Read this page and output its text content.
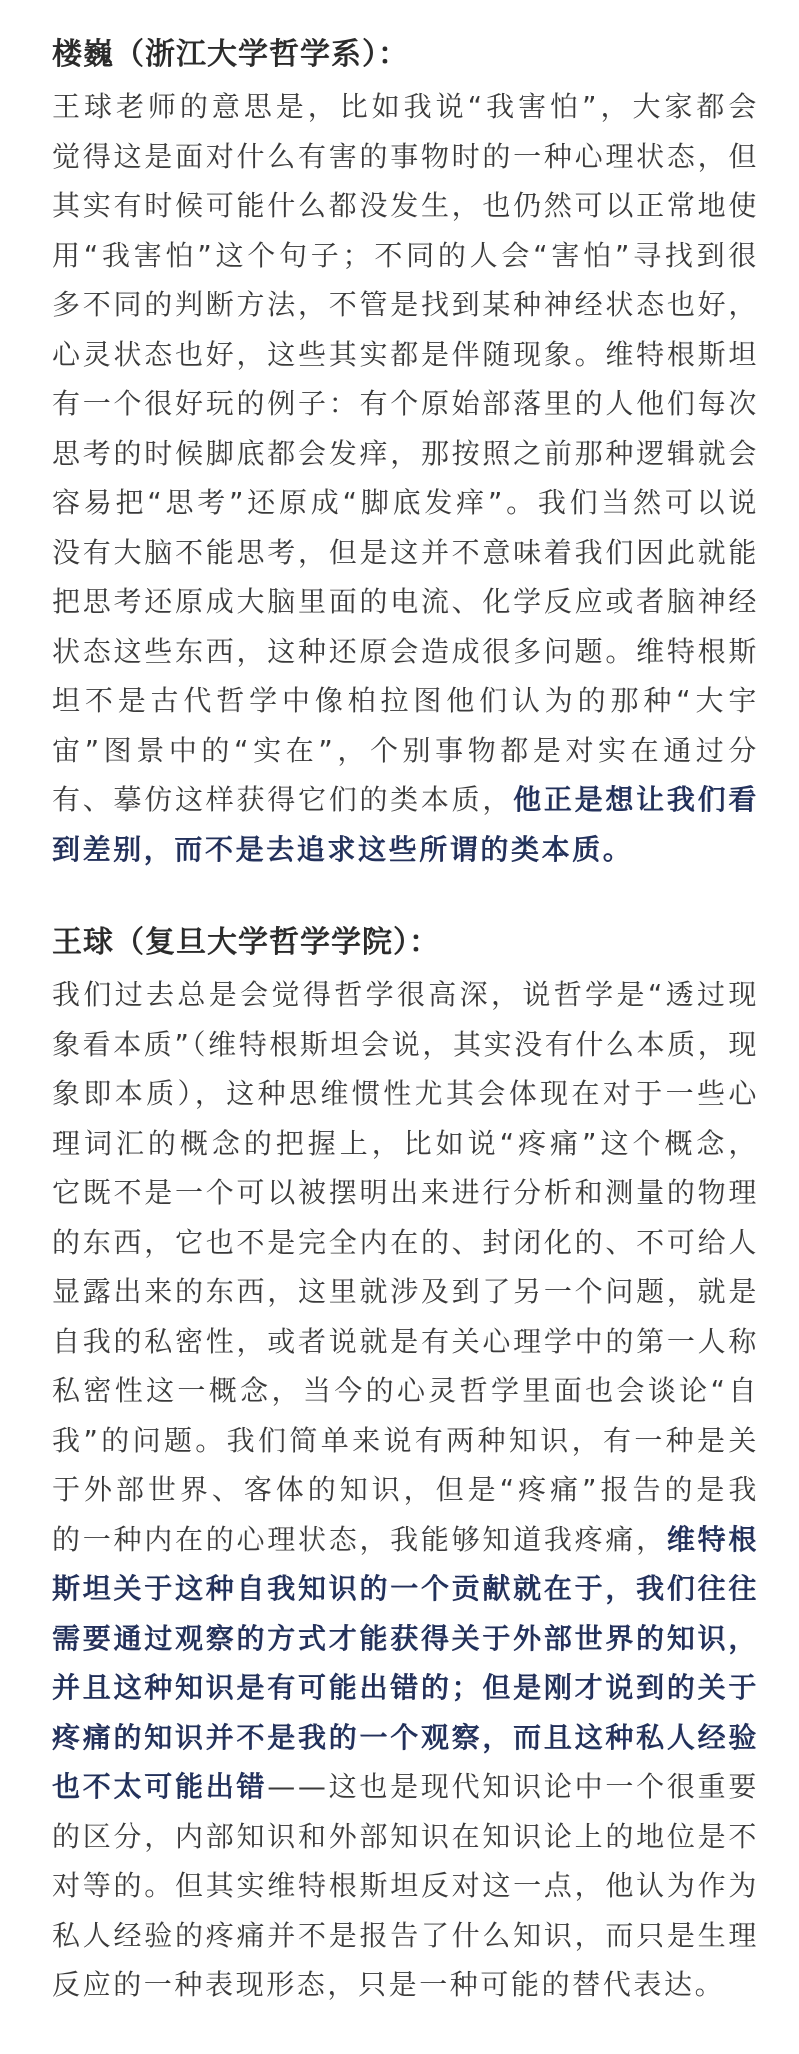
楼巍（浙江大学哲学系）：

王球老师的意思是，比如我说“我害怕”，大家都会觉得这是面对什么有害的事物时的一种心理状态，但其实有时候可能什么都没发生，也仍然可以正常地使用“我害怕”这个句子；不同的人会“害怕”寻找到很多不同的判断方法，不管是找到某种神经状态也好，心灵状态也好，这些其实都是伴随现象。维特根斯坦有一个很好玩的例子：有个原始部落里的人他们每次思考的时候脚底都会发痒，那按照之前那种逻辑就会容易把“思考”还原成“脚底发痒”。我们当然可以说没有大脑不能思考，但是这并不意味着我们因此就能把思考还原成大脑里面的电流、化学反应或者脑神经状态这些东西，这种还原会造成很多问题。维特根斯坦不是古代哲学中像柏拉图他们认为的那种“大宇宙”图景中的“实在”，个别事物都是对实在通过分有、摹仿这样获得它们的类本质，他正是想让我们看到差别，而不是去追求这些所谓的类本质。

王球（复旦大学哲学学院）：

我们过去总是会觉得哲学很高深，说哲学是“透过现象看本质”（维特根斯坦会说，其实没有什么本质，现象即本质），这种思维惯性尤其会体现在对于一些心理词汇的概念的把握上，比如说“疼痛”这个概念，它既不是一个可以被摆明出来进行分析和测量的物理的东西，它也不是完全内在的、封闭化的、不可给人显露出来的东西，这里就涉及到了另一个问题，就是自我的私密性，或者说就是有关心理学中的第一人称私密性这一概念，当今的心灵哲学里面也会谈论“自我”的问题。我们简单来说有两种知识，有一种是关于外部世界、客体的知识，但是“疼痛”报告的是我的一种内在的心理状态，我能够知道我疼痛，维特根斯坦关于这种自我知识的一个贡献就在于，我们往往需要通过观察的方式才能获得关于外部世界的知识，并且这种知识是有可能出错的；但是刚才说到的关于疼痛的知识并不是我的一个观察，而且这种私人经验也不太可能出错——这也是现代知识论中一个很重要的区分，内部知识和外部知识在知识论上的地位是不对等的。但其实维特根斯坦反对这一点，他认为作为私人经验的疼痛并不是报告了什么知识，而只是生理反应的一种表现形态，只是一种可能的替代表达。
